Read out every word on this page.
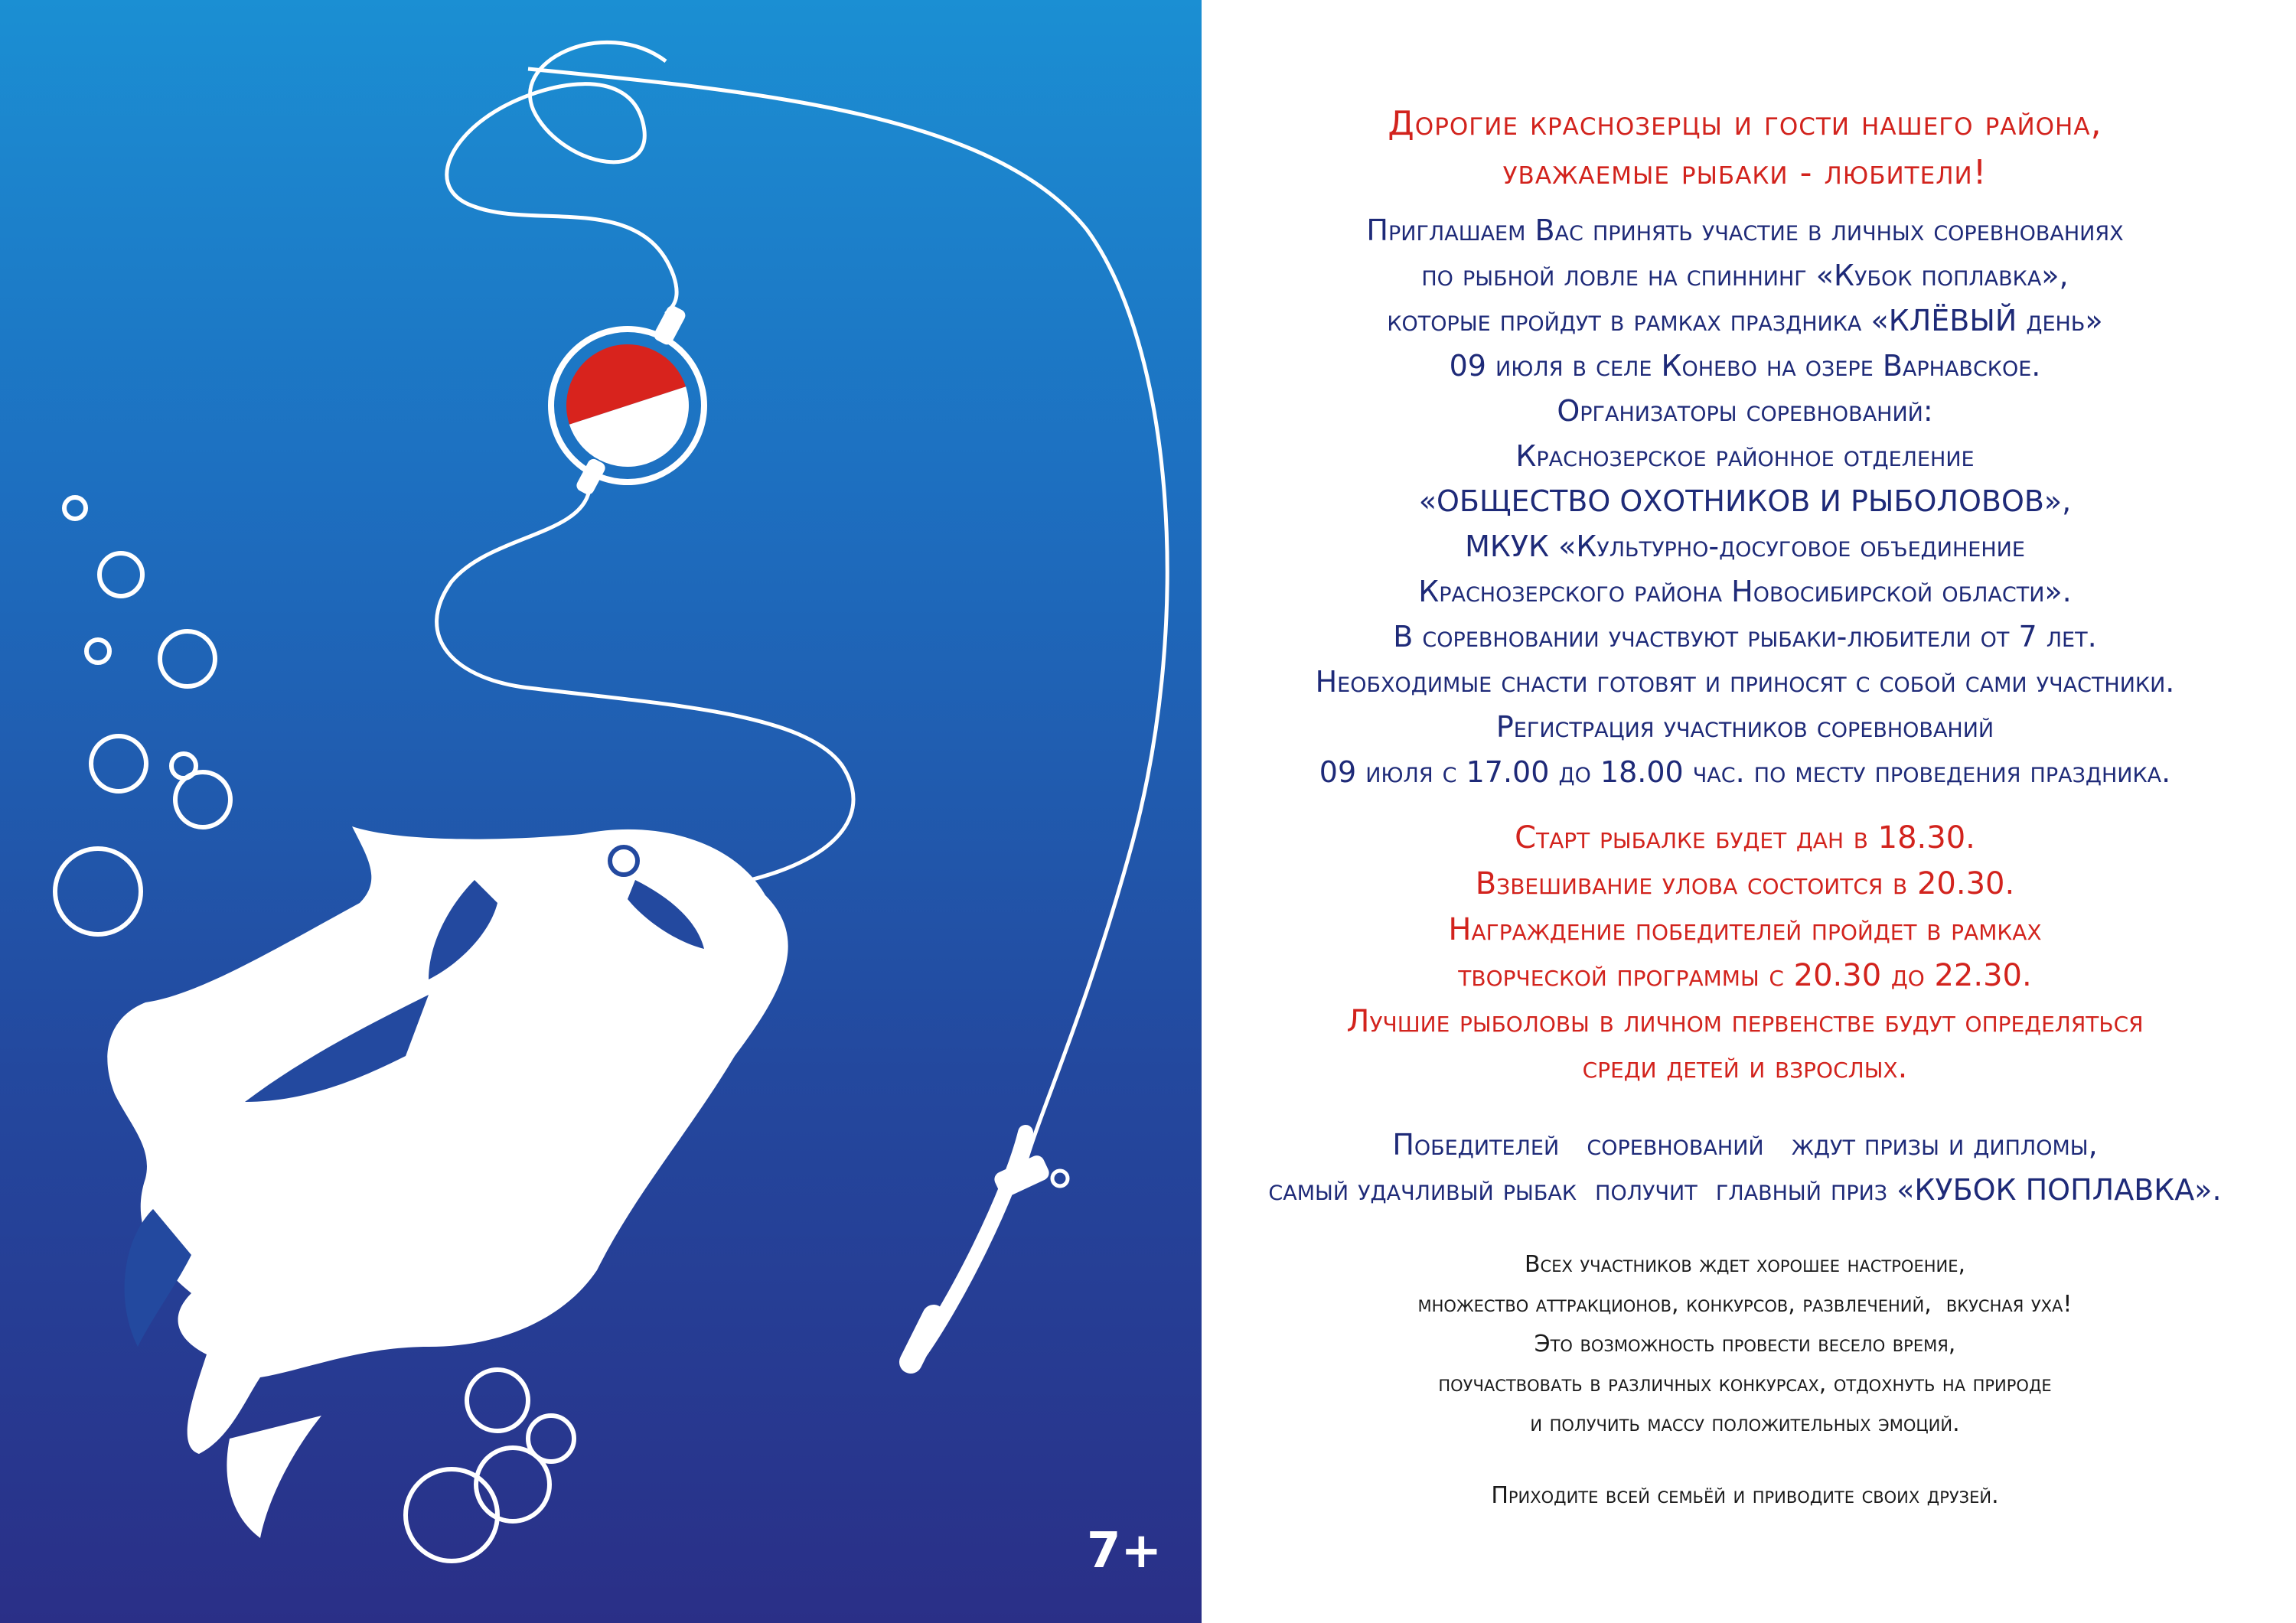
7+
Дорогие краснозерцы и гости нашего района,
уважаемые рыбаки - любители!
Приглашаем Вас принять участие в личных соревнованиях
по рыбной ловле на спиннинг «Кубок поплавка»,
которые пройдут в рамках праздника «КЛЁВЫЙ день»
09 июля в селе Конево на озере Варнавское.
Организаторы соревнований:
Краснозерское районное отделение
«ОБЩЕСТВО ОХОТНИКОВ И РЫБОЛОВОВ»,
МКУК «Культурно-досуговое объединение
Краснозерского района Новосибирской области».
В соревновании участвуют рыбаки-любители от 7 лет.
Необходимые снасти готовят и приносят с собой сами участники.
Регистрация участников соревнований
09 июля с 17.00 до 18.00 час. по месту проведения праздника.
Старт рыбалке будет дан в 18.30.
Взвешивание улова состоится в 20.30.
Награждение победителей пройдет в рамках
творческой программы с 20.30 до 22.30.
Лучшие рыболовы в личном первенстве будут определяться
среди детей и взрослых.
Победителей   соревнований   ждут призы и дипломы,
самый удачливый рыбак  получит  главный приз «КУБОК ПОПЛАВКА».
Всех участников ждет хорошее настроение,
множество аттракционов, конкурсов, развлечений,  вкусная уха!
Это возможность провести весело время,
поучаствовать в различных конкурсах, отдохнуть на природе
и получить массу положительных эмоций.
Приходите всей семьёй и приводите своих друзей.
